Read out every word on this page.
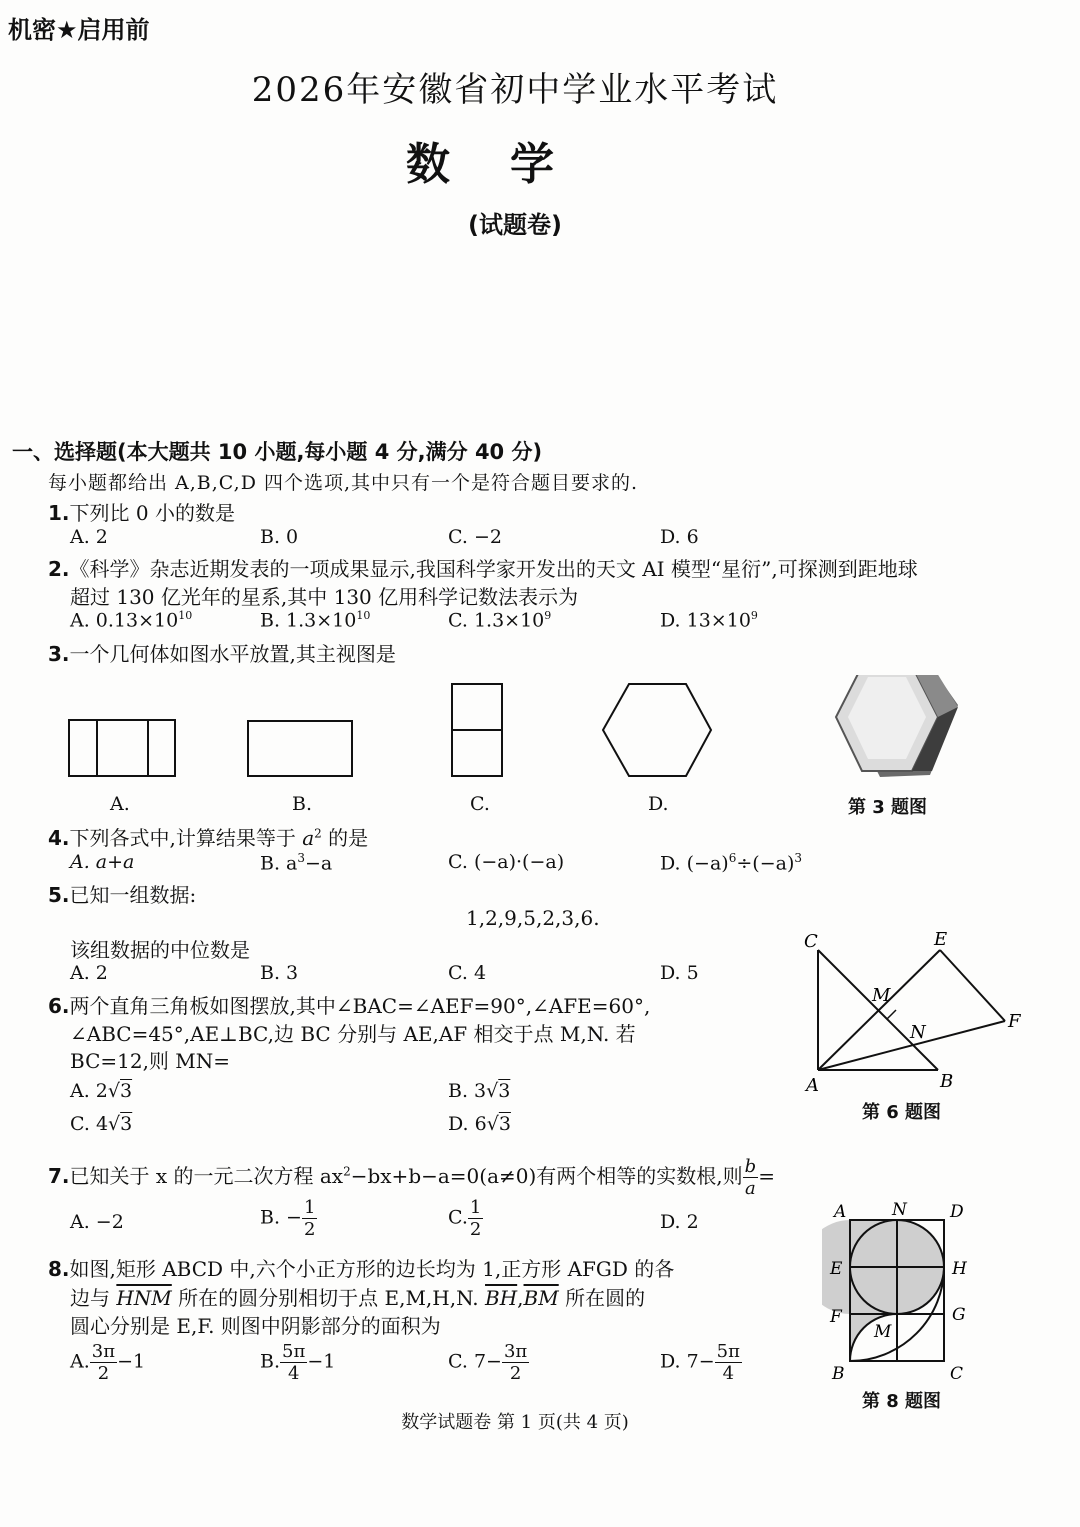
机密★启用前
2026年安徽省初中学业水平考试
数学
(试题卷)
一、选择题(本大题共 10 小题,每小题 4 分,满分 40 分)
每小题都给出 A,B,C,D 四个选项,其中只有一个是符合题目要求的.
1.下列比 0 小的数是
A. 2	B. 0	C. −2	D. 6
2.《科学》杂志近期发表的一项成果显示,我国科学家开发出的天文 AI 模型“星衍”,可探测到距地球
超过 130 亿光年的星系,其中 130 亿用科学记数法表示为
A. $0.13\times 10^{10}$	B. $1.3\times 10^{10}$	C. $1.3\times 10^9$	D. $13\times 10^9$
3.一个几何体如图水平放置,其主视图是
A.	B.	C.	D.	第 3 题图
4.下列各式中,计算结果等于 $a^2$ 的是
A. a+a	B. $a^3-a$	C. (−a)·(−a)	D. $(-a)^6\div(-a)^3$
5.已知一组数据:
1,2,9,5,2,3,6.
该组数据的中位数是
A. 2	B. 3	C. 4	D. 5
6.两个直角三角板如图摆放,其中∠BAC=∠AEF=90°,∠AFE=60°,
∠ABC=45°,AE⊥BC,边 BC 分别与 AE,AF 相交于点 M,N. 若
BC=12,则 MN=
A. 2√3	B. 3√3
C. 4√3	D. 6√3
C	E
M
N
F
A	B
第 6 题图
7.已知关于 x 的一元二次方程 $ax^2-bx+b-a=0(a\ne 0)$有两个相等的实数根,则 $\frac{b}{a}$ =
A. −2	B. − $\frac{1}{2}$	C. $\frac{1}{2}$	D. 2
8.如图,矩形 ABCD 中,六个小正方形的边长均为 1,正方形 AFGD 的各
边与 $\overline{HNM}$ 所在的圆分别相切于点 E,M,H,N. $\overline{BH},\overline{BM}$ 所在圆的
圆心分别是 E,F. 则图中阴影部分的面积为
A. $\frac{3\pi}{2} -1$	B. $\frac{5\pi}{4} -1$	C. $7- \frac{3\pi}{2}$	D. $7- \frac{5\pi}{4}$
A	N	D
E	H
F	G
M
B	C
第 8 题图
数学试题卷 第 1 页(共 4 页)
